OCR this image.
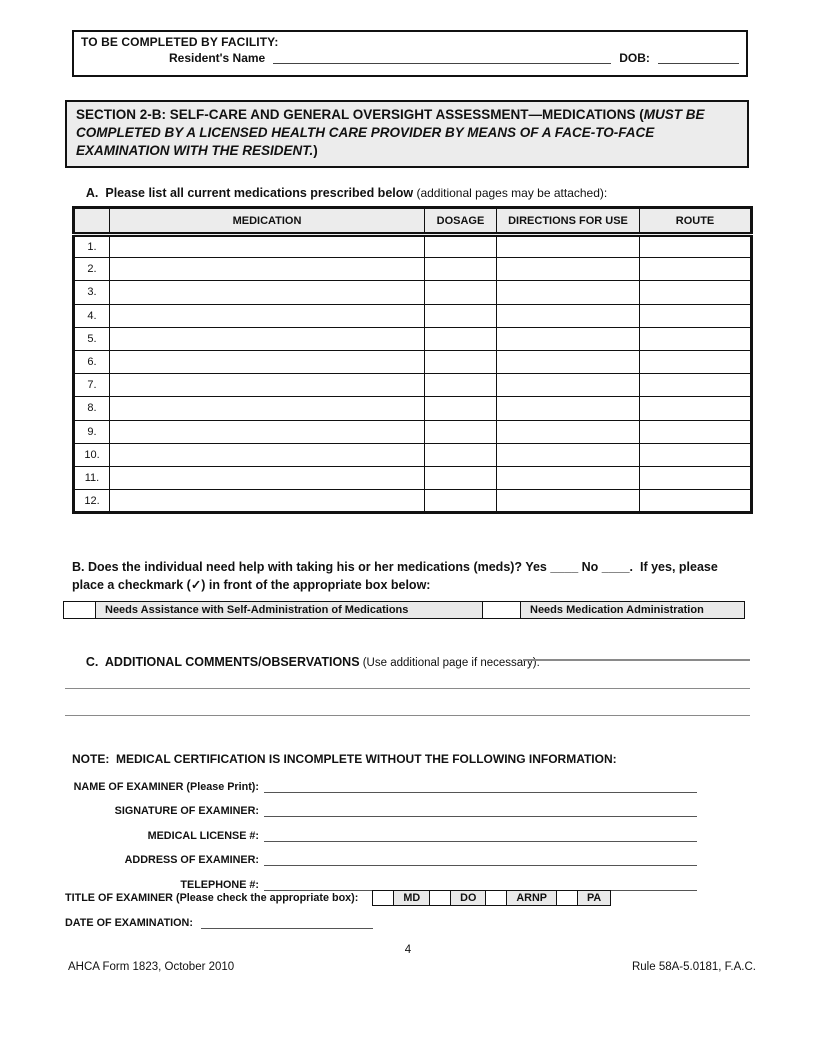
TO BE COMPLETED BY FACILITY:
Resident's Name	DOB:
SECTION 2-B: SELF-CARE AND GENERAL OVERSIGHT ASSESSMENT—MEDICATIONS (MUST BE COMPLETED BY A LICENSED HEALTH CARE PROVIDER BY MEANS OF A FACE-TO-FACE EXAMINATION WITH THE RESIDENT.)

A.  Please list all current medications prescribed below (additional pages may be attached):

	MEDICATION	DOSAGE	DIRECTIONS FOR USE	ROUTE
1.				
2.				
3.				
4.				
5.				
6.				
7.				
8.				
9.				
10.				
11.				
12.				
B. Does the individual need help with taking his or her medications (meds)? Yes ____ No ____.  If yes, please place a checkmark (✓) in front of the appropriate box below:
	Needs Assistance with Self-Administration of Medications		Needs Medication Administration

C.  ADDITIONAL COMMENTS/OBSERVATIONS (Use additional page if necessary):

NOTE:  MEDICAL CERTIFICATION IS INCOMPLETE WITHOUT THE FOLLOWING INFORMATION:
NAME OF EXAMINER (Please Print):
SIGNATURE OF EXAMINER:
MEDICAL LICENSE #:
ADDRESS OF EXAMINER:
TELEPHONE #:
TITLE OF EXAMINER (Please check the appropriate box):
		MD		DO		ARNP		PA
DATE OF EXAMINATION:
4
AHCA Form 1823, October 2010	Rule 58A-5.0181, F.A.C.
